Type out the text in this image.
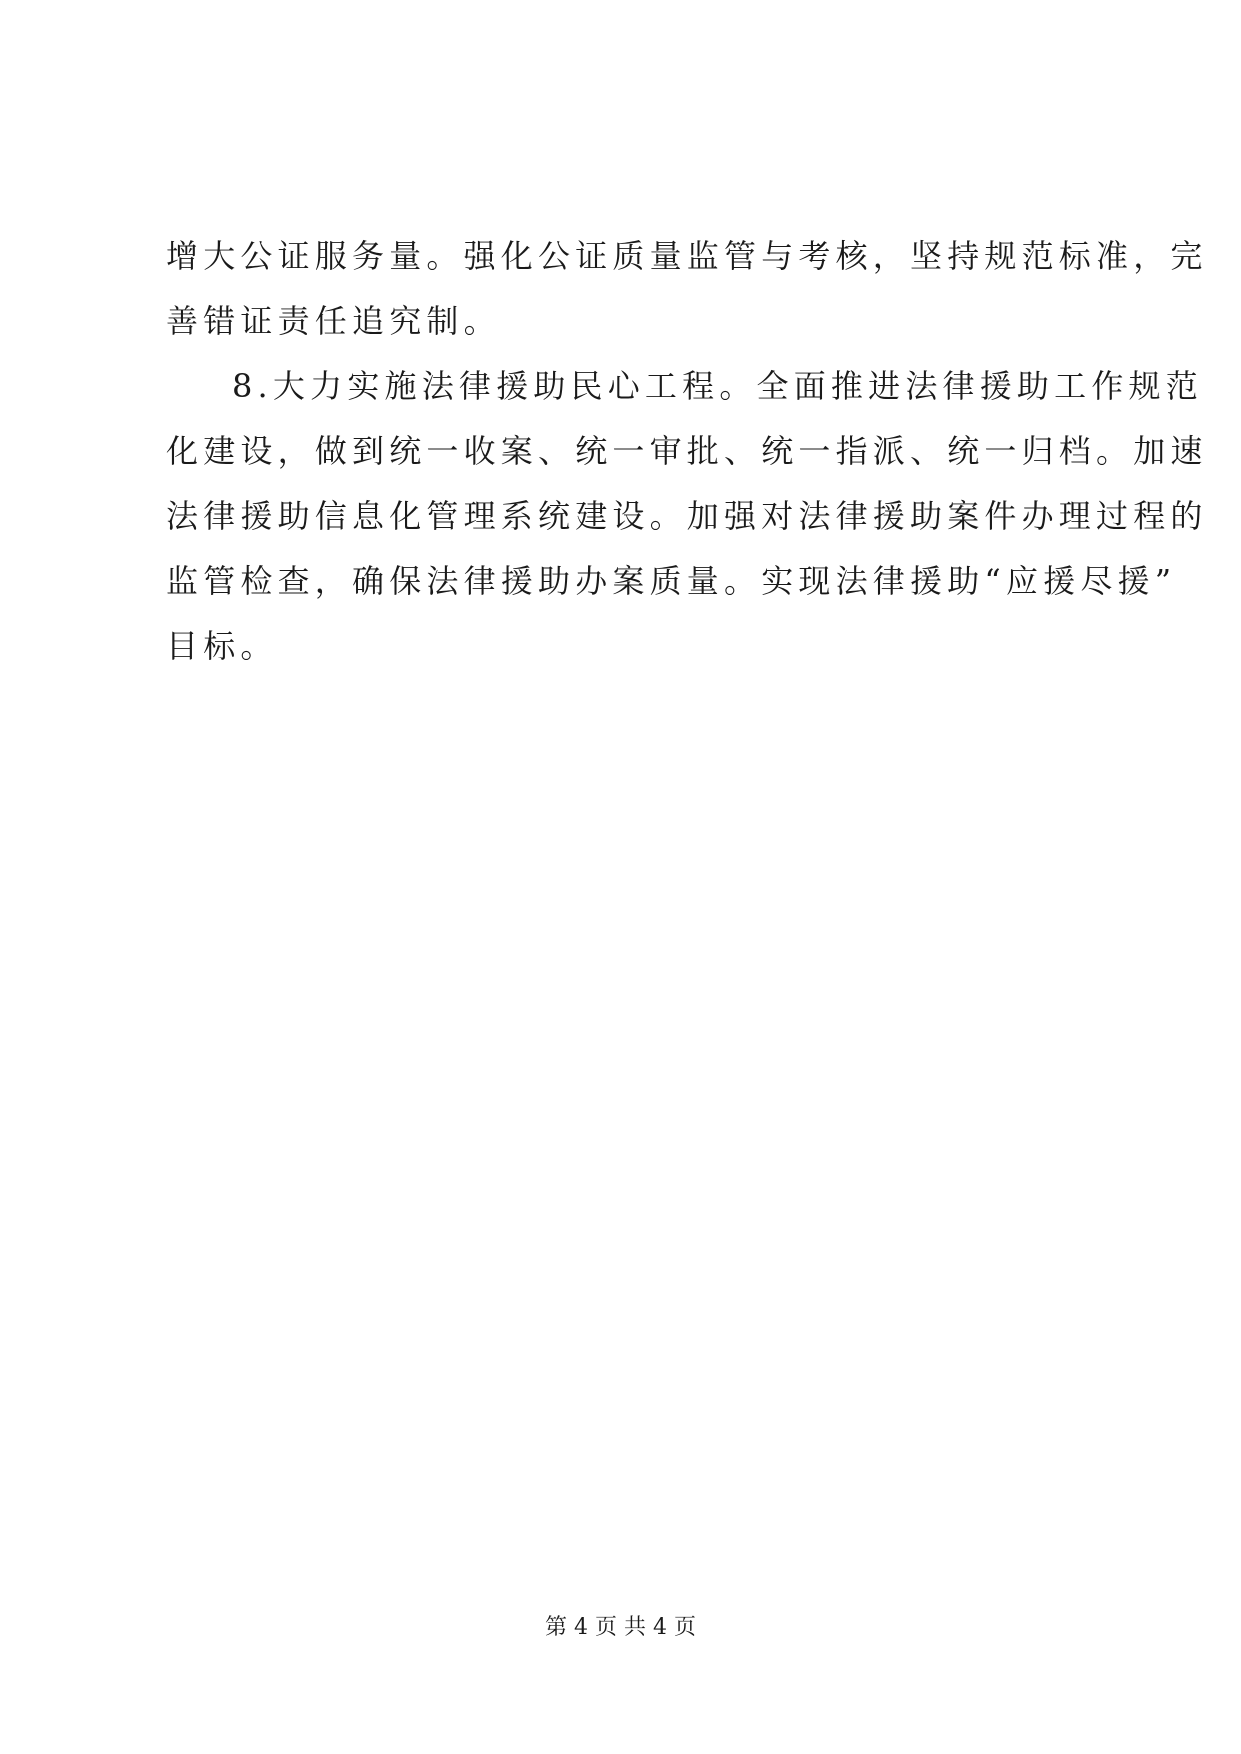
增大公证服务量。强化公证质量监管与考核，坚持规范标准，完
善错证责任追究制。
8.大力实施法律援助民心工程。全面推进法律援助工作规范
化建设，做到统一收案、统一审批、统一指派、统一归档。加速
法律援助信息化管理系统建设。加强对法律援助案件办理过程的
监管检查，确保法律援助办案质量。实现法律援助“应援尽援”
目标。
第 4 页 共 4 页
